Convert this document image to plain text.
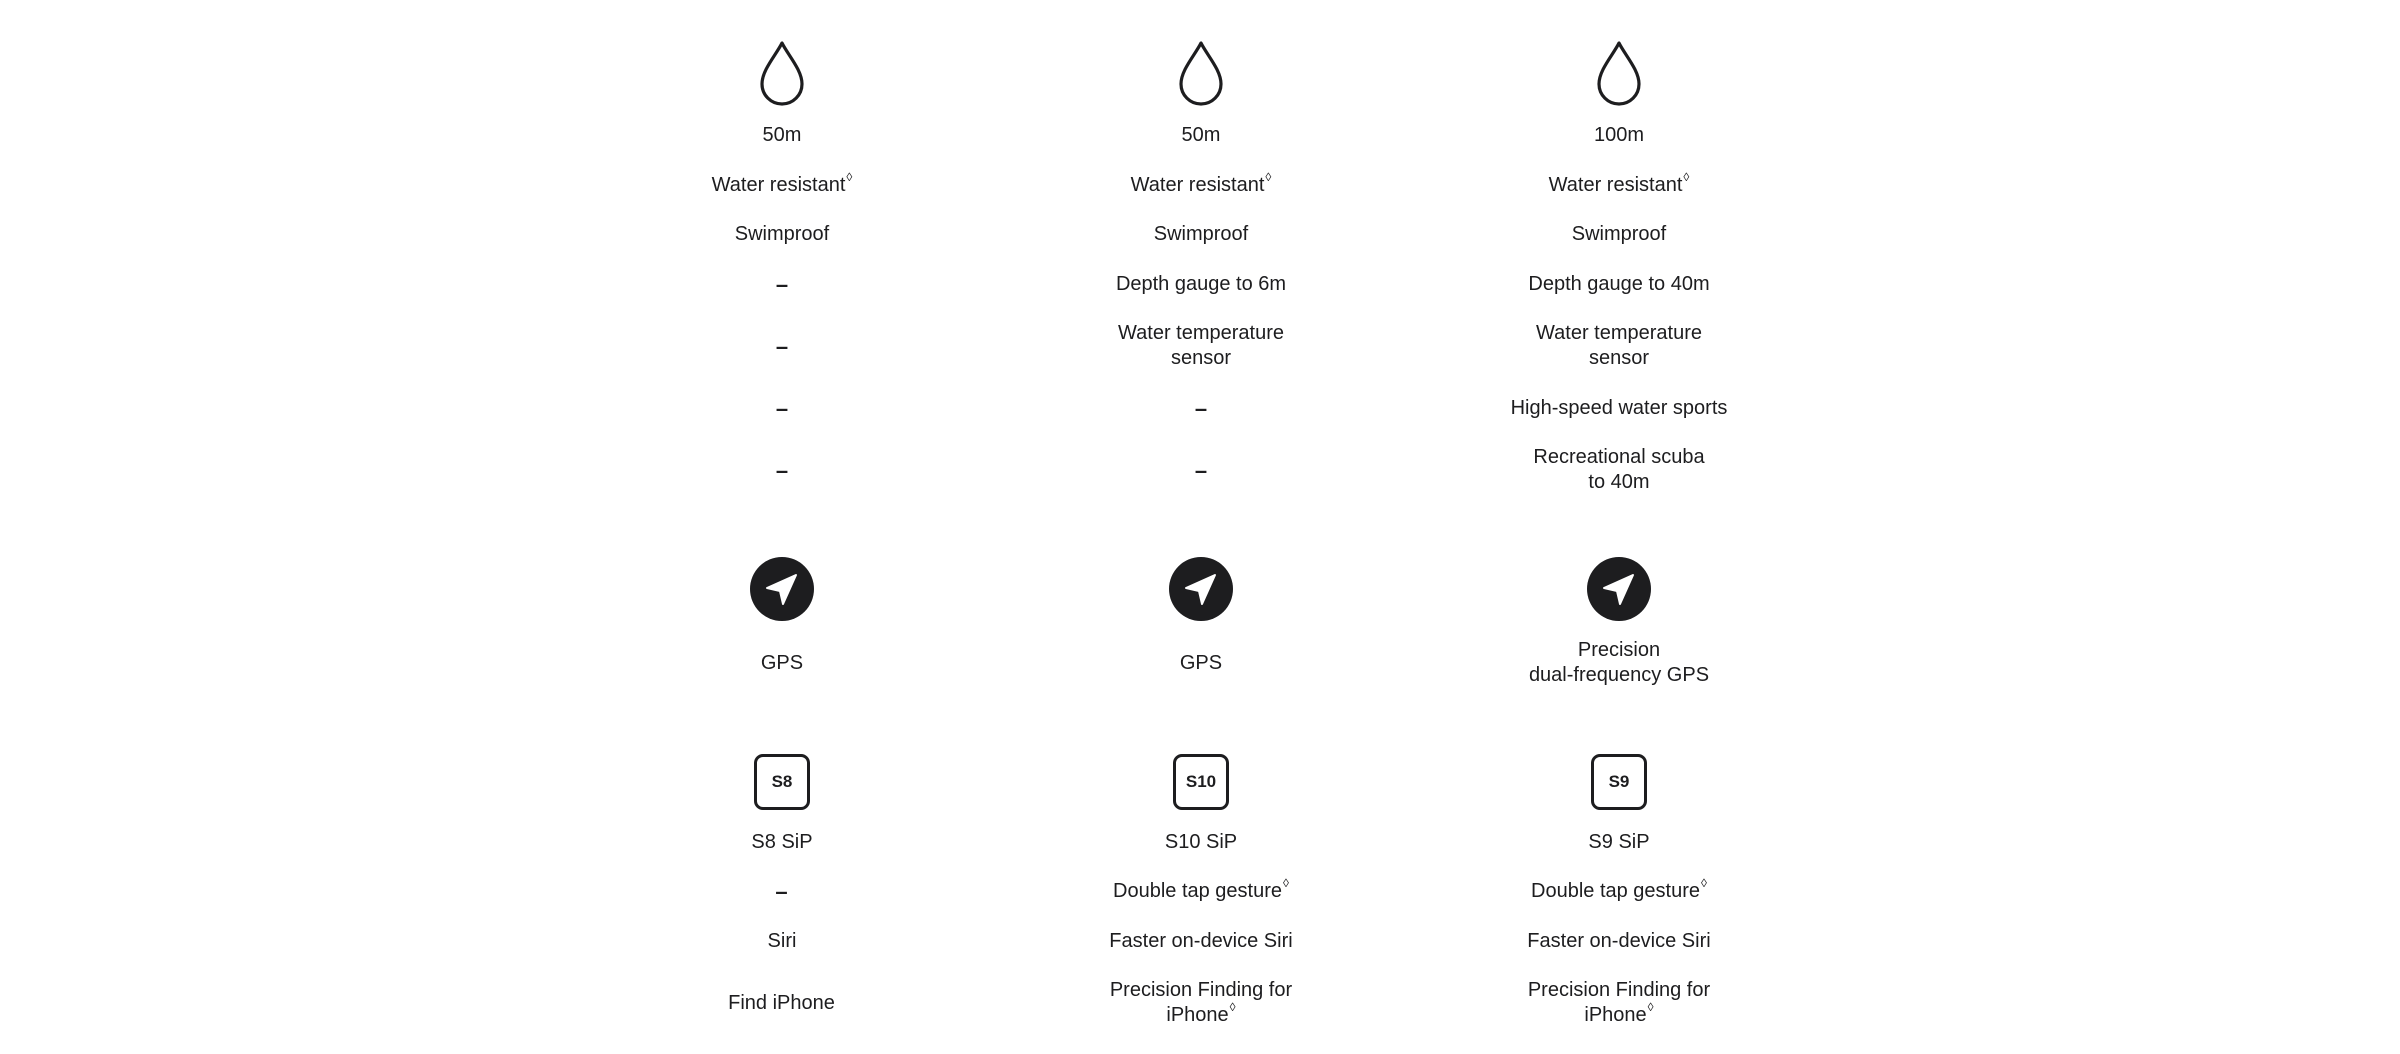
50m
Water resistant◊
Swimproof
–
–
–
–
GPS
S8
S8 SiP
–
Siri
Find iPhone
50m
Water resistant◊
Swimproof
Depth gauge to 6m
Water temperature
sensor
–
–
GPS
S10
S10 SiP
Double tap gesture◊
Faster on-device Siri
Precision Finding for
iPhone◊
100m
Water resistant◊
Swimproof
Depth gauge to 40m
Water temperature
sensor
High-speed water sports
Recreational scuba
to 40m
Precision
dual-frequency GPS
S9
S9 SiP
Double tap gesture◊
Faster on-device Siri
Precision Finding for
iPhone◊
